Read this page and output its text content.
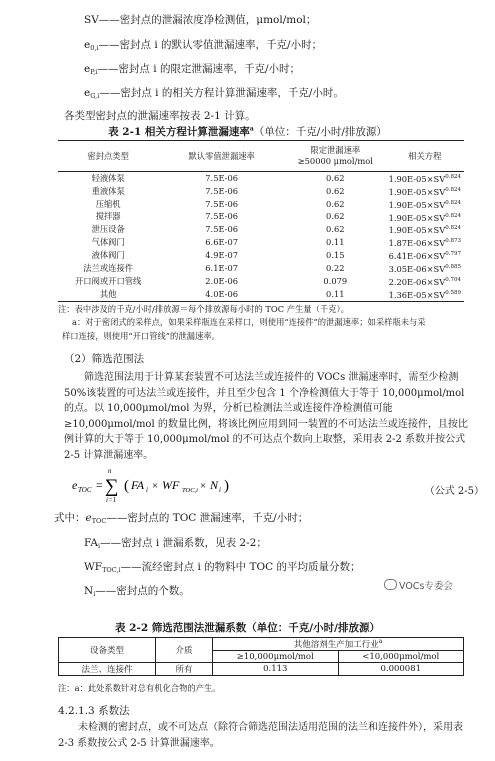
SV——密封点的泄漏浓度净检测值，μmol/mol；
$e_{0,i}——$密封点 i 的默认零值泄漏速率，千克/小时；
$e_{P,i}——$密封点 i 的限定泄漏速率，千克/小时；
$e_{G,i}——$密封点 i 的相关方程计算泄漏速率，千克/小时。
各类型密封点的泄漏速率按表 2-1 计算。
表 2-1 相关方程计算泄漏速率$^a$（单位：千克/小时/排放源）
密封点类型	默认零值泄漏速率	限定泄漏速率
≥50000 μmol/mol	相关方程
轻液体泵	7.5E-06	0.62	$1.90E-05\times SV^{0.824}$
重液体泵	7.5E-06	0.62	$1.90E-05\times SV^{0.824}$
压缩机	7.5E-06	0.62	$1.90E-05\times SV^{0.824}$
搅拌器	7.5E-06	0.62	$1.90E-05\times SV^{0.824}$
泄压设备	7.5E-06	0.62	$1.90E-05\times SV^{0.824}$
气体阀门	6.6E-07	0.11	$1.87E-06\times SV^{0.873}$
液体阀门	4.9E-07	0.15	$6.41E-06\times SV^{0.797}$
法兰或连接件	6.1E-07	0.22	$3.05E-06\times SV^{0.885}$
开口阀或开口管线	2.0E-06	0.079	$2.20E-06\times SV^{0.704}$
其他	4.0E-06	0.11	$1.36E-05\times SV^{0.589}$
注：表中涉及的千克/小时/排放源＝每个排放源每小时的 TOC 产生量（千克）。
a：对于密闭式的采样点，如果采样瓶连在采样口，则使用“连接件”的泄漏速率；如采样瓶未与采
样口连接，则使用“开口管线”的泄漏速率。
（2）筛选范围法
筛选范围法用于计算某套装置不可达法兰或连接件的 VOCs 泄漏速率时，需至少检测 50%该装置的可达法兰或连接件，并且至少包含 1 个净检测值大于等于 10,000μmol/mol 的点。以 10,000μmol/mol 为界，分析已检测法兰或连接件净检测值可能≥10,000μmol/mol 的数量比例，将该比例应用到同一装置的不可达法兰或连接件，且按比例计算的大于等于 10,000μmol/mol 的不可达点个数向上取整，采用表 2-2 系数并按公式 2-5 计算泄漏速率。
e TOC =
n
∑
i=1
( FA i × WF TOC,i × N i )	（公式 2-5）
式中：$e_{TOC}——$密封点的 TOC 泄漏速率，千克/小时；
$FA_i——$密封点 i 泄漏系数，见表 2-2；
$WF_{TOC,i}——$流经密封点 i 的物料中 TOC 的平均质量分数；
$N_i——$密封点的个数。	VOCs专委会
表 2-2 筛选范围法泄漏系数（单位：千克/小时/排放源）
设备类型	介质	其他溶剂生产加工行业$^a$
		≥10,000μmol/mol	<10,000μmol/mol
法兰、连接件	所有	0.113	0.000081
注：a：此处系数针对总有机化合物的产生。
4.2.1.3 系数法
未检测的密封点，或不可达点（除符合筛选范围法适用范围的法兰和连接件外），采用表 2-3 系数按公式 2-5 计算泄漏速率。
